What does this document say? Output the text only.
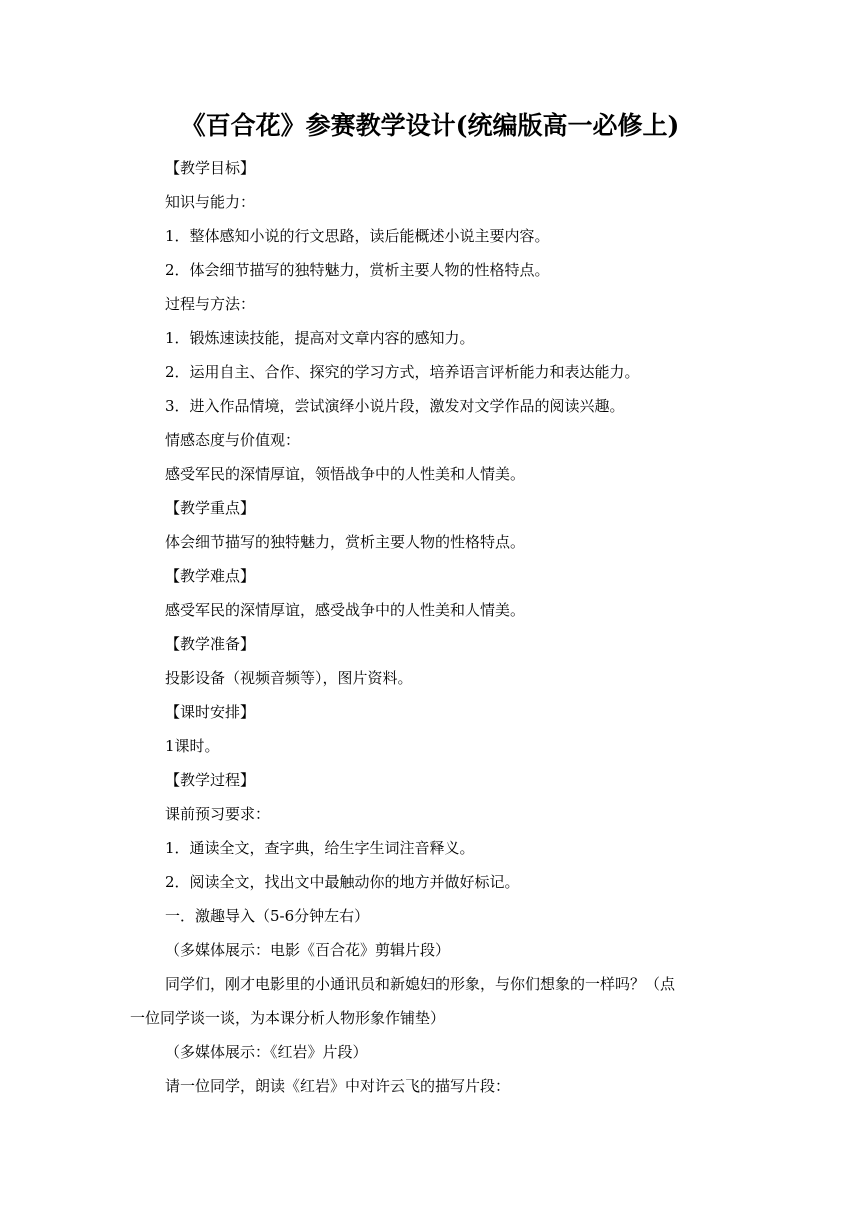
《百合花》参赛教学设计(统编版高一必修上)
【教学目标】
知识与能力：
1．整体感知小说的行文思路，读后能概述小说主要内容。
2．体会细节描写的独特魅力，赏析主要人物的性格特点。
过程与方法：
1．锻炼速读技能，提高对文章内容的感知力。
2．运用自主、合作、探究的学习方式，培养语言评析能力和表达能力。
3．进入作品情境，尝试演绎小说片段，激发对文学作品的阅读兴趣。
情感态度与价值观：
感受军民的深情厚谊，领悟战争中的人性美和人情美。
【教学重点】
体会细节描写的独特魅力，赏析主要人物的性格特点。
【教学难点】
感受军民的深情厚谊，感受战争中的人性美和人情美。
【教学准备】
投影设备（视频音频等），图片资料。
【课时安排】
1课时。
【教学过程】
课前预习要求：
1．通读全文，查字典，给生字生词注音释义。
2．阅读全文，找出文中最触动你的地方并做好标记。
一．激趣导入（5-6分钟左右）
（多媒体展示：电影《百合花》剪辑片段）
同学们，刚才电影里的小通讯员和新媳妇的形象，与你们想象的一样吗？（点
一位同学谈一谈，为本课分析人物形象作铺垫）
（多媒体展示：《红岩》片段）
请一位同学，朗读《红岩》中对许云飞的描写片段：
